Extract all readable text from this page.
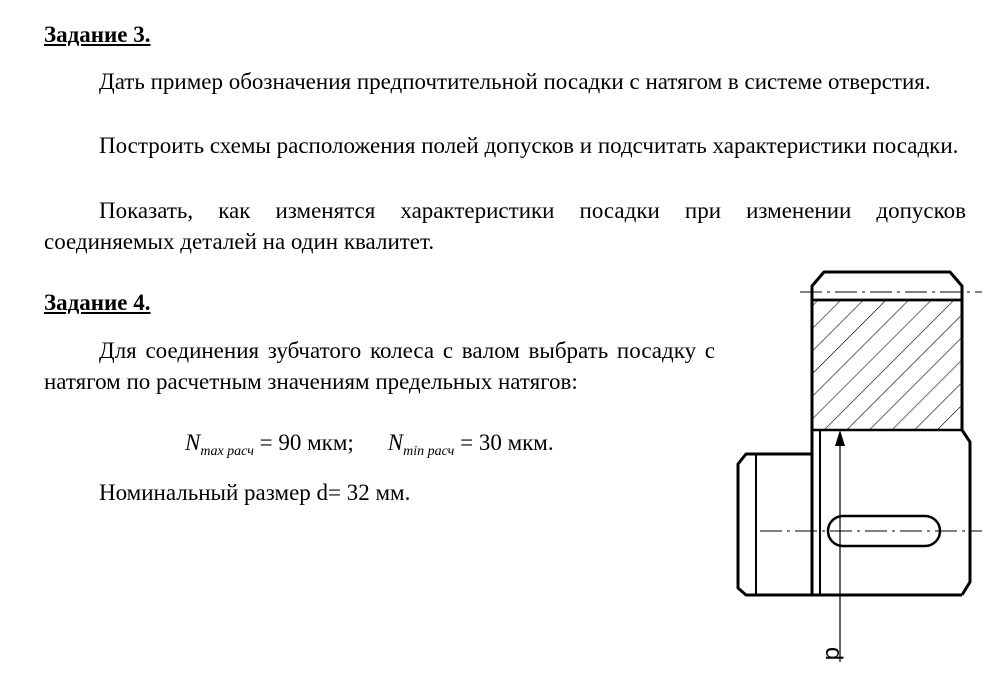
Задание 3.

Дать пример обозначения предпочтительной посадки с натягом в системе отверстия.

Построить схемы расположения полей допусков и подсчитать характеристики посадки.

Показать, как изменятся характеристики посадки при изменении допусков соединяемых деталей на один квалитет.

Задание 4.

Для соединения зубчатого колеса с валом выбрать посадку с натягом по расчетным значениям предельных натягов:

$N_{max расч} = 90$ мкм; $N_{min расч} = 30$ мкм.
Номинальный размер d= 32 мм.
d
